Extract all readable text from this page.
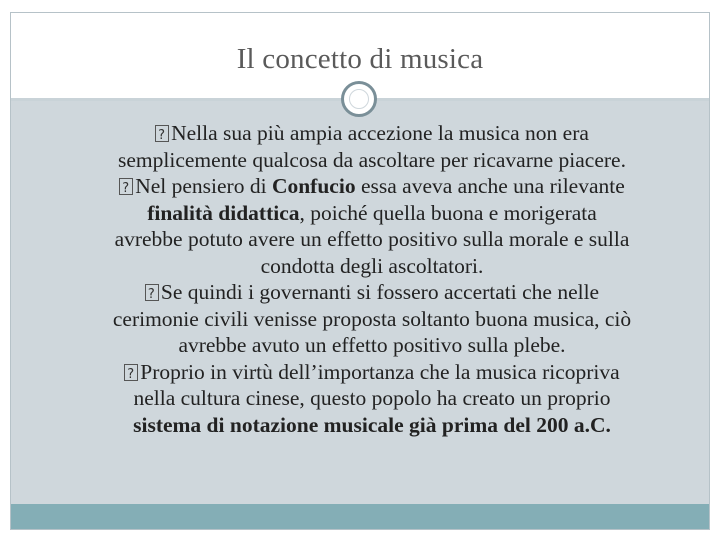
Il concetto di musica

?Nella sua più ampia accezione la musica non era
semplicemente qualcosa da ascoltare per ricavarne piacere.

?Nel pensiero di Confucio essa aveva anche una rilevante
finalità didattica, poiché quella buona e morigerata
avrebbe potuto avere un effetto positivo sulla morale e sulla
condotta degli ascoltatori.

?Se quindi i governanti si fossero accertati che nelle
cerimonie civili venisse proposta soltanto buona musica, ciò
avrebbe avuto un effetto positivo sulla plebe.

?Proprio in virtù dell’importanza che la musica ricopriva
nella cultura cinese, questo popolo ha creato un proprio
sistema di notazione musicale già prima del 200 a.C.
